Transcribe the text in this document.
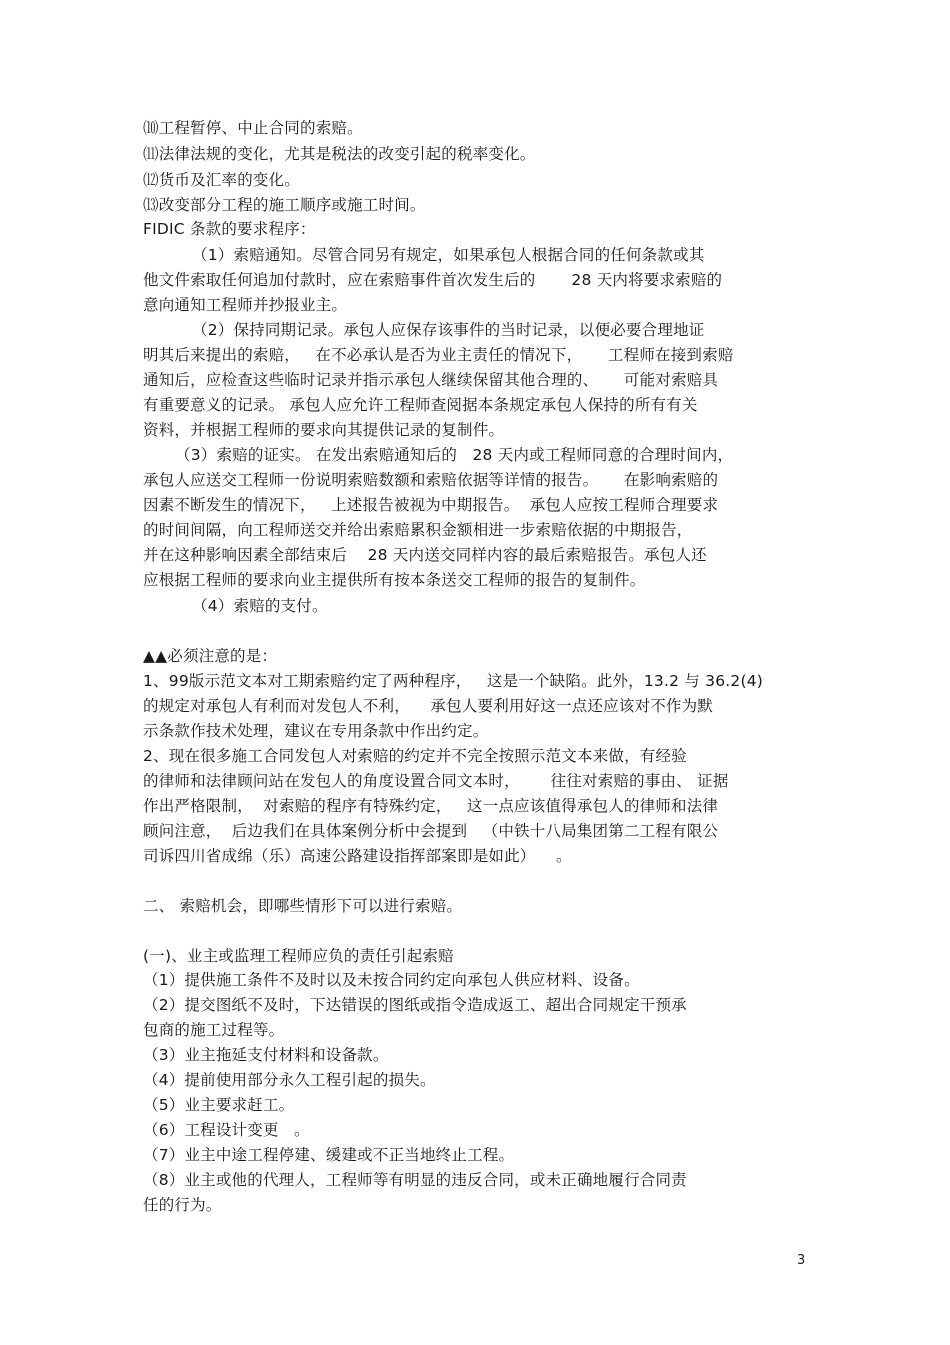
⑽工程暂停、中止合同的索赔。
⑾法律法规的变化，尤其是税法的改变引起的税率变化。
⑿货币及汇率的变化。
⒀改变部分工程的施工顺序或施工时间。
FIDIC 条款的要求程序：
（1）索赔通知。尽管合同另有规定，如果承包人根据合同的任何条款或其
他文件索取任何追加付款时，应在索赔事件首次发生后的       28 天内将要求索赔的
意向通知工程师并抄报业主。
（2）保持同期记录。承包人应保存该事件的当时记录，以便必要合理地证
明其后来提出的索赔，   在不必承认是否为业主责任的情况下，     工程师在接到索赔
通知后，应检查这些临时记录并指示承包人继续保留其他合理的、     可能对索赔具
有重要意义的记录。 承包人应允许工程师查阅据本条规定承包人保持的所有有关
资料，并根据工程师的要求向其提供记录的复制件。
（3）索赔的证实。 在发出索赔通知后的   28 天内或工程师同意的合理时间内，
承包人应送交工程师一份说明索赔数额和索赔依据等详情的报告。     在影响索赔的
因素不断发生的情况下，   上述报告被视为中期报告。  承包人应按工程师合理要求
的时间间隔，向工程师送交并给出索赔累积金额相进一步索赔依据的中期报告，
并在这种影响因素全部结束后    28 天内送交同样内容的最后索赔报告。承包人还
应根据工程师的要求向业主提供所有按本条送交工程师的报告的复制件。
（4）索赔的支付。
▲▲必须注意的是：
1、99版示范文本对工期索赔约定了两种程序，   这是一个缺陷。此外，13.2 与 36.2(4)
的规定对承包人有利而对发包人不利，    承包人要利用好这一点还应该对不作为默
示条款作技术处理，建议在专用条款中作出约定。
2、现在很多施工合同发包人对索赔的约定并不完全按照示范文本来做，有经验
的律师和法律顾问站在发包人的角度设置合同文本时，      往往对索赔的事由、 证据
作出严格限制，  对索赔的程序有特殊约定，   这一点应该值得承包人的律师和法律
顾问注意，  后边我们在具体案例分析中会提到   （中铁十八局集团第二工程有限公
司诉四川省成绵（乐）高速公路建设指挥部案即是如此）    。
二、 索赔机会，即哪些情形下可以进行索赔。
(一)、业主或监理工程师应负的责任引起索赔
（1）提供施工条件不及时以及未按合同约定向承包人供应材料、设备。
（2）提交图纸不及时，下达错误的图纸或指令造成返工、超出合同规定干预承
包商的施工过程等。
（3）业主拖延支付材料和设备款。
（4）提前使用部分永久工程引起的损失。
（5）业主要求赶工。
（6）工程设计变更   。
（7）业主中途工程停建、缓建或不正当地终止工程。
（8）业主或他的代理人，工程师等有明显的违反合同，或未正确地履行合同责
任的行为。
3
